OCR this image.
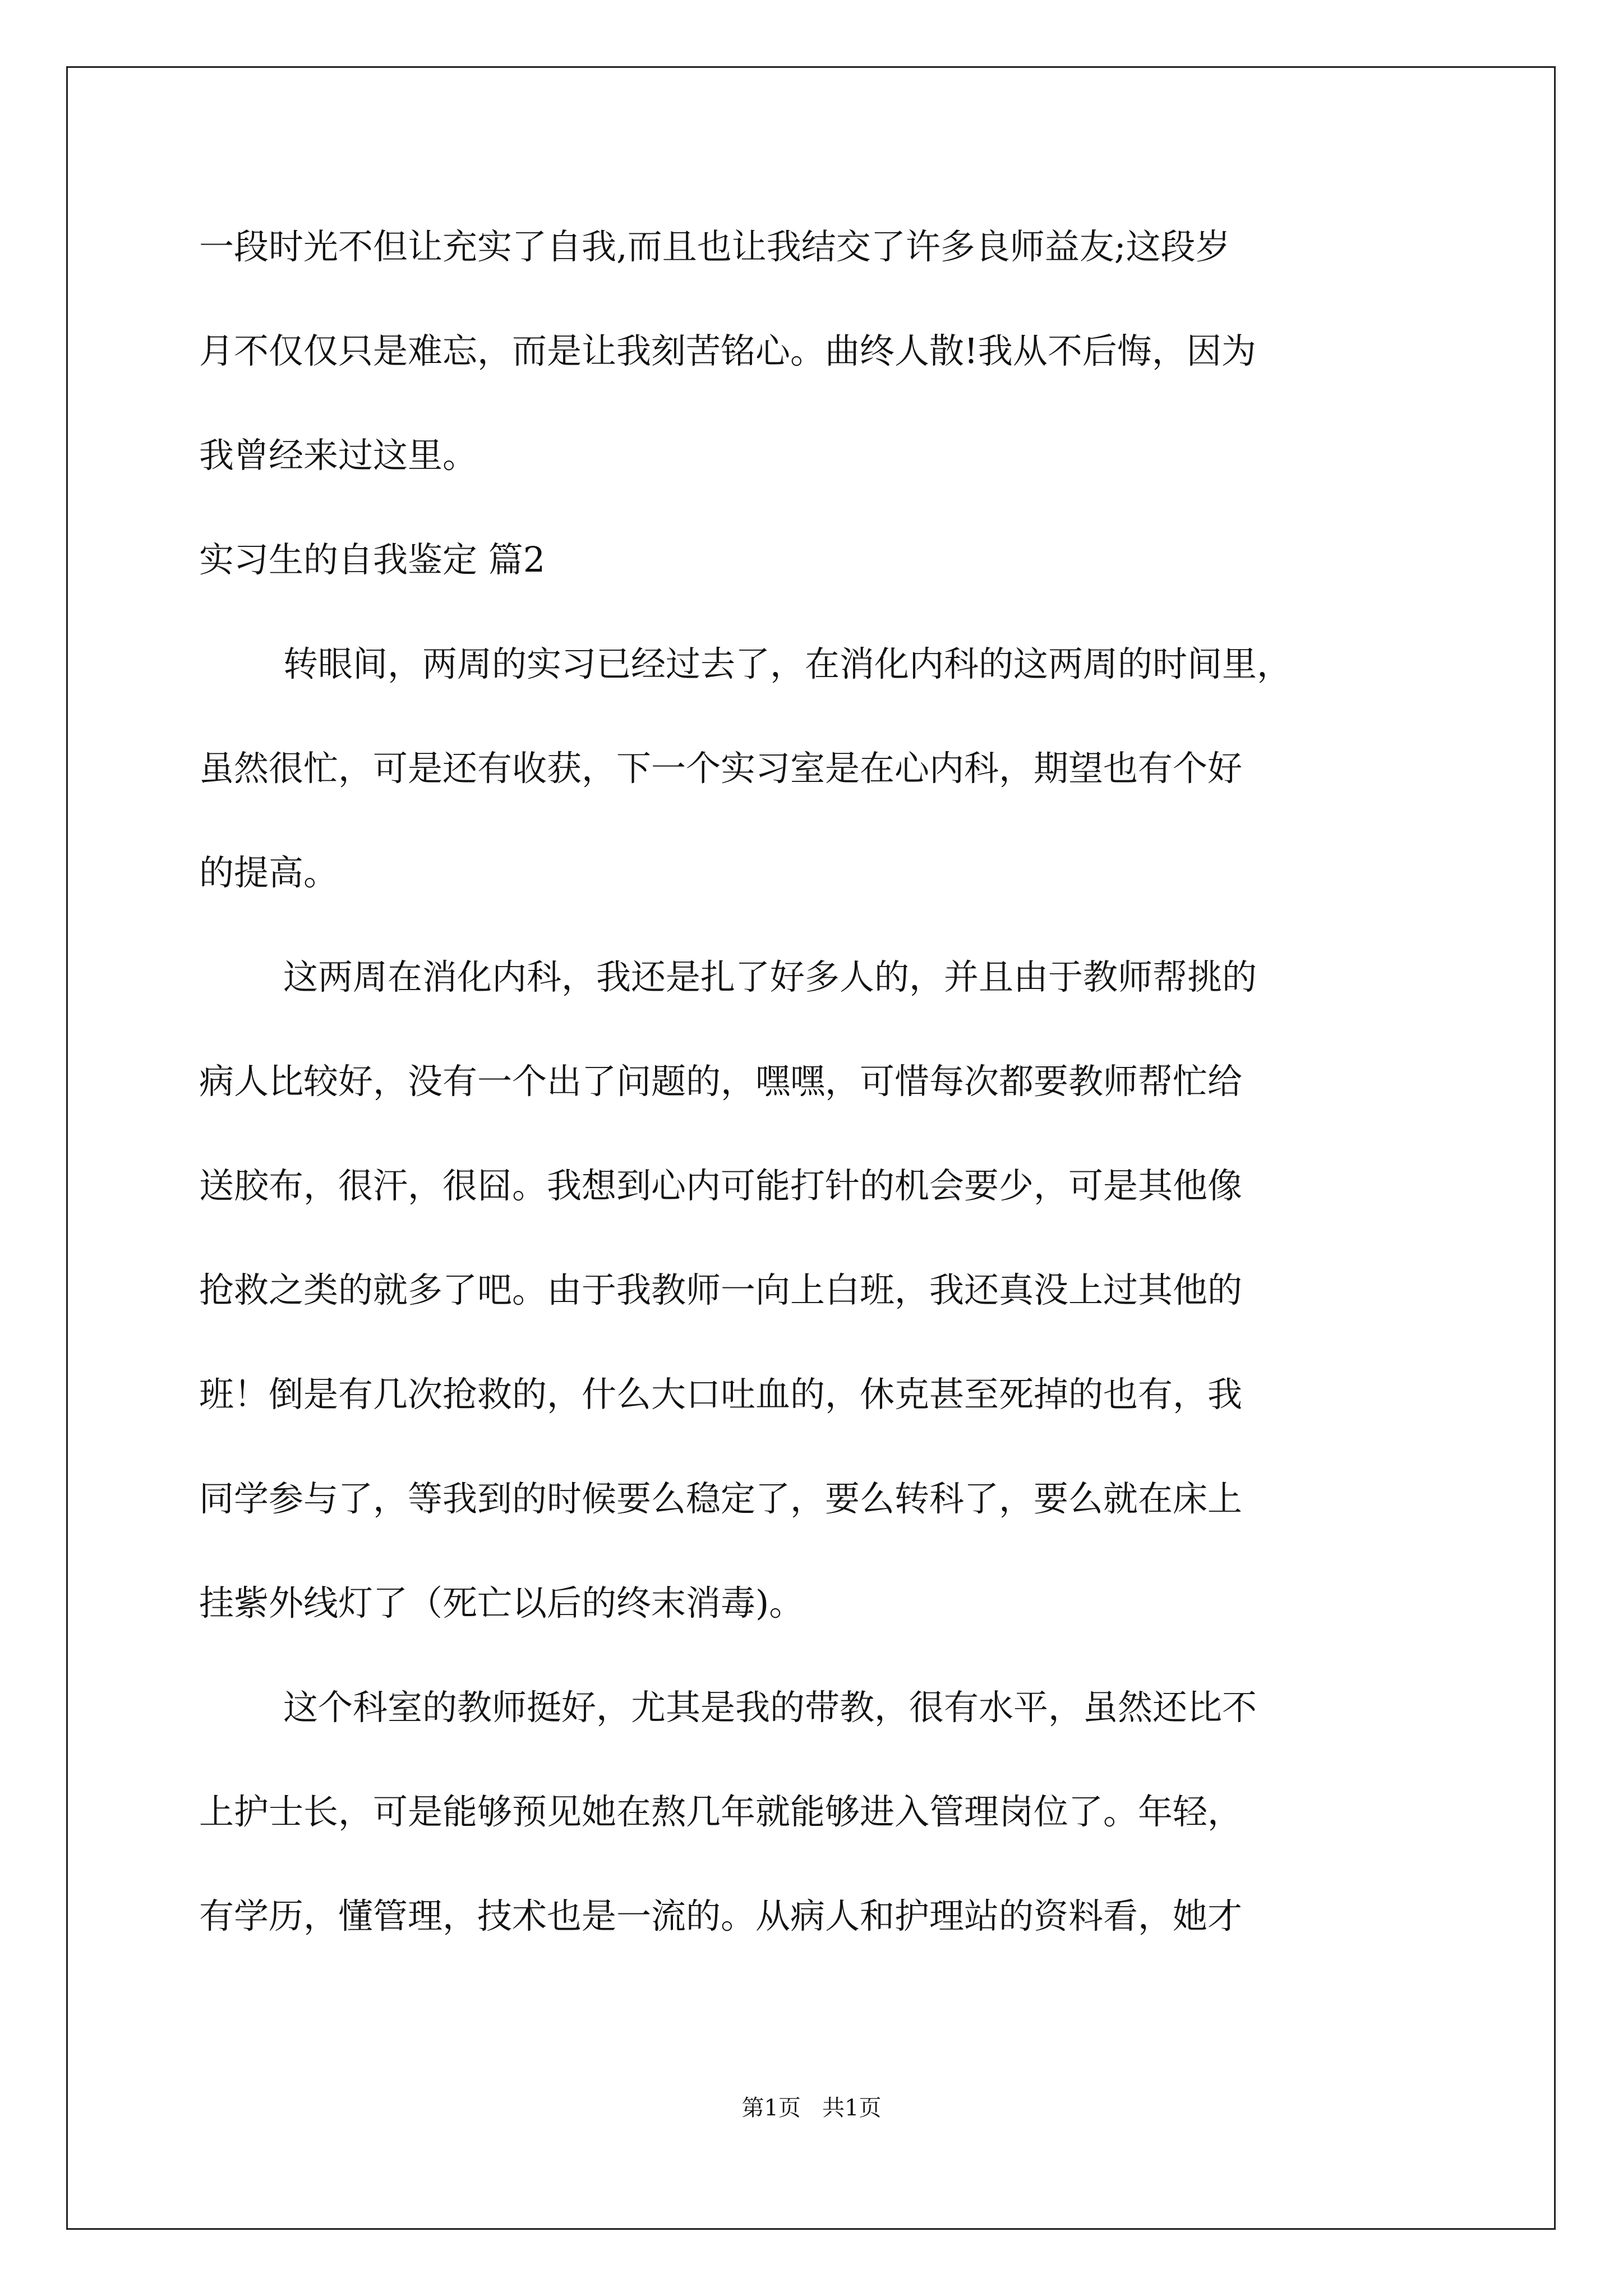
一段时光不但让充实了自我,而且也让我结交了许多良师益友;这段岁
月不仅仅只是难忘，而是让我刻苦铭心。曲终人散!我从不后悔，因为
我曾经来过这里。
实习生的自我鉴定 篇2
转眼间，两周的实习已经过去了，在消化内科的这两周的时间里，
虽然很忙，可是还有收获，下一个实习室是在心内科，期望也有个好
的提高。
这两周在消化内科，我还是扎了好多人的，并且由于教师帮挑的
病人比较好，没有一个出了问题的，嘿嘿，可惜每次都要教师帮忙给
送胶布，很汗，很囧。我想到心内可能打针的机会要少，可是其他像
抢救之类的就多了吧。由于我教师一向上白班，我还真没上过其他的
班！倒是有几次抢救的，什么大口吐血的，休克甚至死掉的也有，我
同学参与了，等我到的时候要么稳定了，要么转科了，要么就在床上
挂紫外线灯了（死亡以后的终末消毒)。
这个科室的教师挺好，尤其是我的带教，很有水平，虽然还比不
上护士长，可是能够预见她在熬几年就能够进入管理岗位了。年轻，
有学历，懂管理，技术也是一流的。从病人和护理站的资料看，她才
第1页   共1页
